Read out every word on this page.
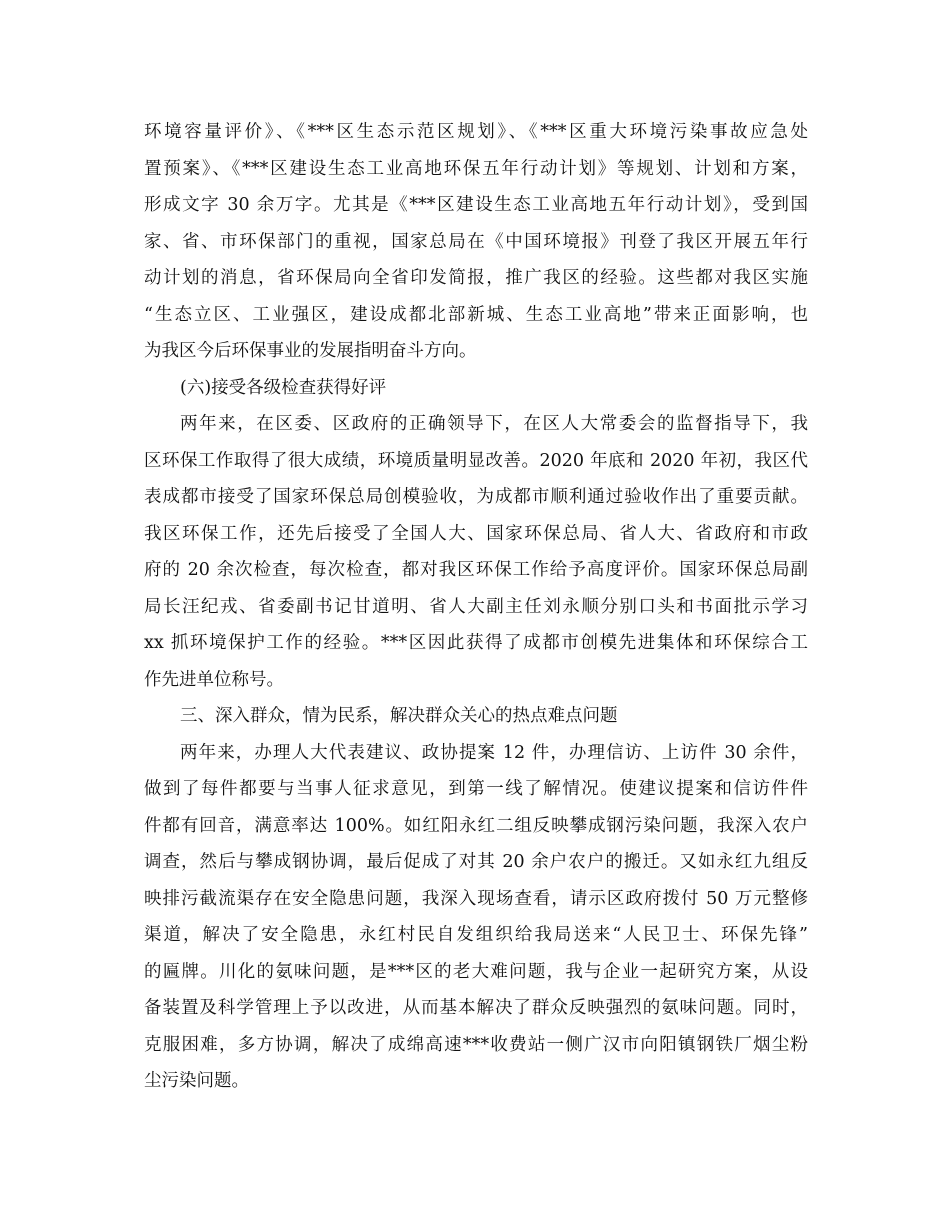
环境容量评价》、《***区生态示范区规划》、《***区重大环境污染事故应急处
置预案》、《***区建设生态工业高地环保五年行动计划》等规划、计划和方案，
形成文字 30 余万字。尤其是《***区建设生态工业高地五年行动计划》，受到国
家、省、市环保部门的重视，国家总局在《中国环境报》刊登了我区开展五年行
动计划的消息，省环保局向全省印发简报，推广我区的经验。这些都对我区实施
“生态立区、工业强区，建设成都北部新城、生态工业高地”带来正面影响，也
为我区今后环保事业的发展指明奋斗方向。
(六)接受各级检查获得好评
两年来，在区委、区政府的正确领导下，在区人大常委会的监督指导下，我
区环保工作取得了很大成绩，环境质量明显改善。2020 年底和 2020 年初，我区代
表成都市接受了国家环保总局创模验收，为成都市顺利通过验收作出了重要贡献。
我区环保工作，还先后接受了全国人大、国家环保总局、省人大、省政府和市政
府的 20 余次检查，每次检查，都对我区环保工作给予高度评价。国家环保总局副
局长汪纪戎、省委副书记甘道明、省人大副主任刘永顺分别口头和书面批示学习
xx 抓环境保护工作的经验。***区因此获得了成都市创模先进集体和环保综合工
作先进单位称号。
三、深入群众，情为民系，解决群众关心的热点难点问题
两年来，办理人大代表建议、政协提案 12 件，办理信访、上访件 30 余件，
做到了每件都要与当事人征求意见，到第一线了解情况。使建议提案和信访件件
件都有回音，满意率达 100%。如红阳永红二组反映攀成钢污染问题，我深入农户
调查，然后与攀成钢协调，最后促成了对其 20 余户农户的搬迁。又如永红九组反
映排污截流渠存在安全隐患问题，我深入现场查看，请示区政府拨付 50 万元整修
渠道，解决了安全隐患，永红村民自发组织给我局送来“人民卫士、环保先锋”
的匾牌。川化的氨味问题，是***区的老大难问题，我与企业一起研究方案，从设
备装置及科学管理上予以改进，从而基本解决了群众反映强烈的氨味问题。同时，
克服困难，多方协调，解决了成绵高速***收费站一侧广汉市向阳镇钢铁厂烟尘粉
尘污染问题。
